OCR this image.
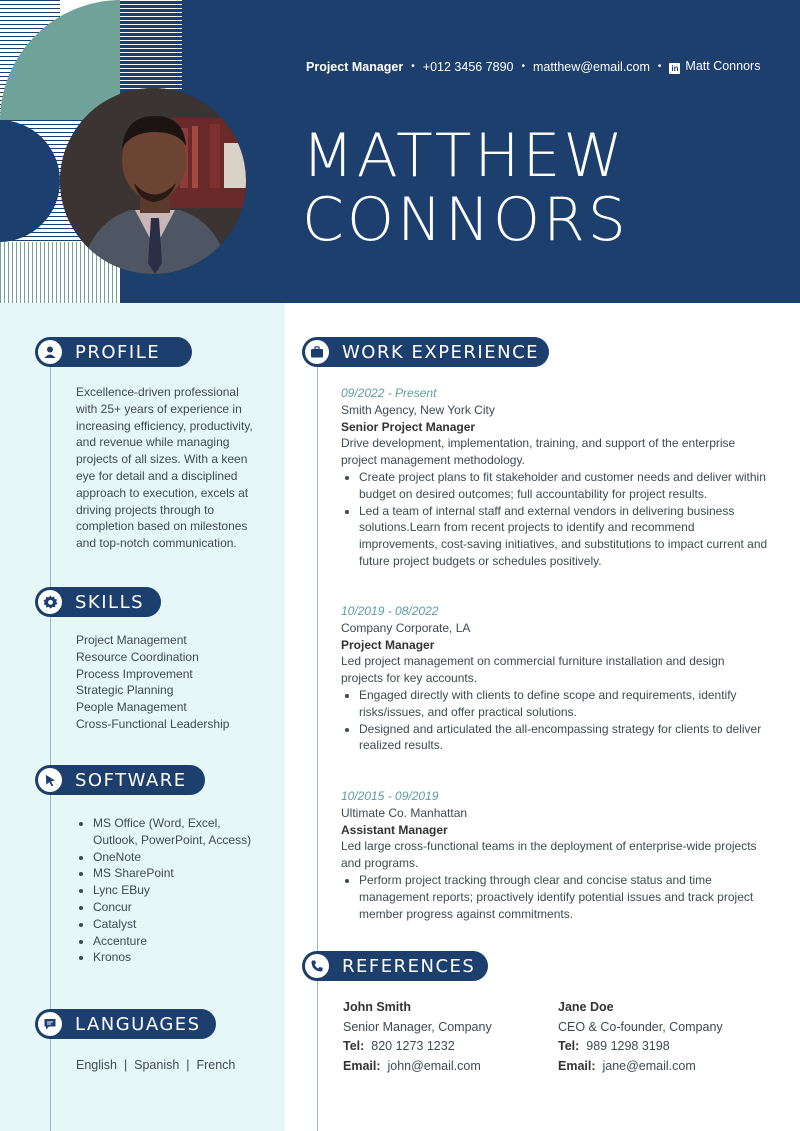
Project Manager • +012 3456 7890 • matthew@email.com • in Matt Connors
MATTHEW
CONNORS
PROFILE
Excellence-driven professional with 25+ years of experience in increasing efficiency, productivity, and revenue while managing projects of all sizes. With a keen eye for detail and a disciplined approach to execution, excels at driving projects through to completion based on milestones and top-notch communication.
SKILLS
Project Management
Resource Coordination
Process Improvement
Strategic Planning
People Management
Cross-Functional Leadership
SOFTWARE
• MS Office (Word, Excel, Outlook, PowerPoint, Access)
• OneNote
• MS SharePoint
• Lync EBuy
• Concur
• Catalyst
• Accenture
• Kronos
LANGUAGES
English  |  Spanish  |  French
WORK EXPERIENCE
09/2022 - Present
Smith Agency, New York City
Senior Project Manager
Drive development, implementation, training, and support of the enterprise project management methodology.
• Create project plans to fit stakeholder and customer needs and deliver within budget on desired outcomes; full accountability for project results.
• Led a team of internal staff and external vendors in delivering business solutions.Learn from recent projects to identify and recommend improvements, cost-saving initiatives, and substitutions to impact current and future project budgets or schedules positively.
10/2019 - 08/2022
Company Corporate, LA
Project Manager
Led project management on commercial furniture installation and design projects for key accounts.
• Engaged directly with clients to define scope and requirements, identify risks/issues, and offer practical solutions.
• Designed and articulated the all-encompassing strategy for clients to deliver realized results.
10/2015 - 09/2019
Ultimate Co. Manhattan
Assistant Manager
Led large cross-functional teams in the deployment of enterprise-wide projects and programs.
• Perform project tracking through clear and concise status and time management reports; proactively identify potential issues and track project member progress against commitments.
REFERENCES
John Smith
Senior Manager, Company
Tel: 820 1273 1232
Email: john@email.com
Jane Doe
CEO & Co-founder, Company
Tel: 989 1298 3198
Email: jane@email.com
